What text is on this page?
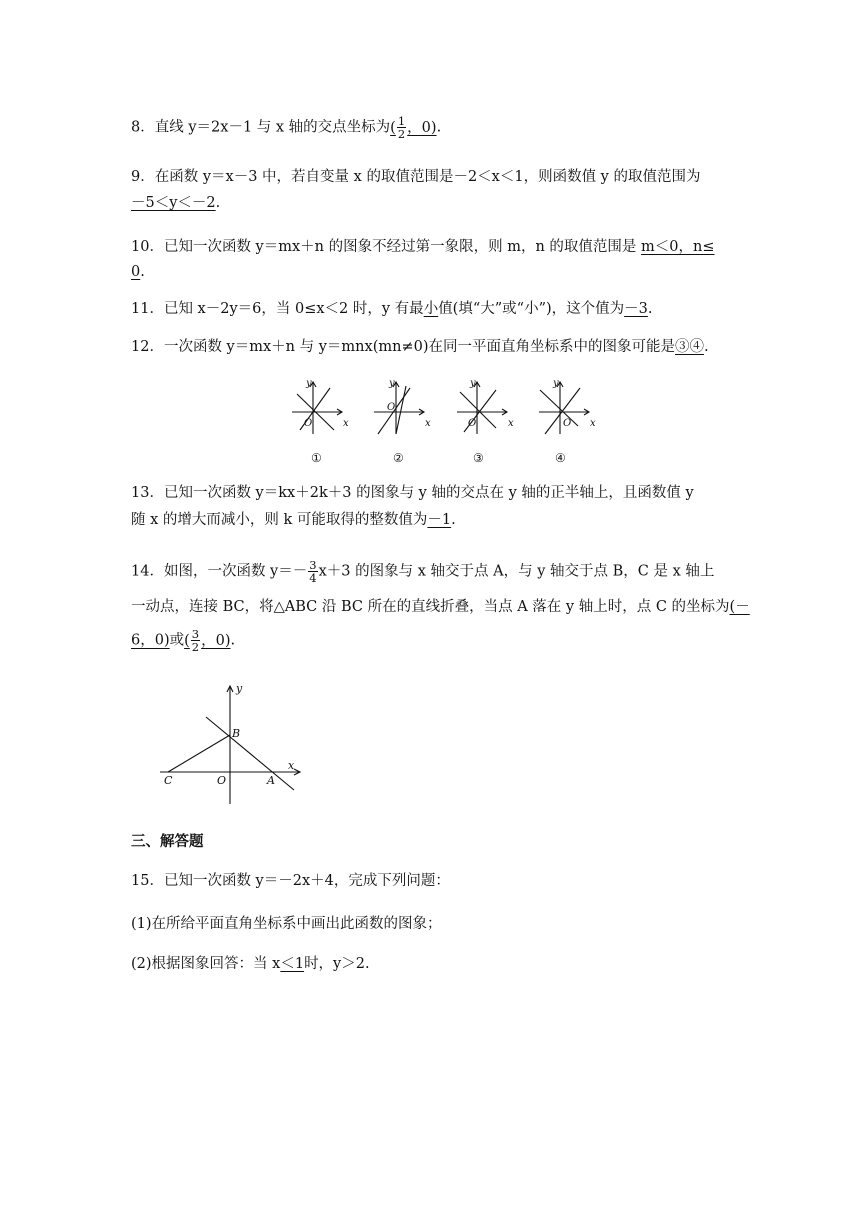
8．直线 y＝2x－1 与 x 轴的交点坐标为( $\frac{1}{2}$ ，0).
9．在函数 y＝x－3 中，若自变量 x 的取值范围是－2＜x＜1，则函数值 y 的取值范围为
－5＜y＜－2.
10．已知一次函数 y＝mx＋n 的图象不经过第一象限，则 m，n 的取值范围是 m＜0，n≤
0.
11．已知 x－2y＝6，当 0≤x＜2 时，y 有最小值(填“大”或“小”)，这个值为－3.
12．一次函数 y＝mx＋n 与 y＝mnx(mn≠0)在同一平面直角坐标系中的图象可能是③④.
y
x
O
y
x
O
y
x
O
y
x
O
①	②	③	④
13．已知一次函数 y＝kx＋2k＋3 的图象与 y 轴的交点在 y 轴的正半轴上，且函数值 y
随 x 的增大而减小，则 k 可能取得的整数值为－1.
14．如图，一次函数 $y=- \frac{3}{4} x+3$ 的图象与 x 轴交于点 A，与 y 轴交于点 B，C 是 x 轴上
一动点，连接 BC，将△ABC 沿 BC 所在的直线折叠，当点 A 落在 y 轴上时，点 C 的坐标为(－
6，0)或( $\frac{3}{2}$ ，0).
y
x
B
C	O	A
三、解答题
15．已知一次函数 y＝－2x＋4，完成下列问题：
(1)在所给平面直角坐标系中画出此函数的图象；
(2)根据图象回答：当 x＜1时，y＞2.
